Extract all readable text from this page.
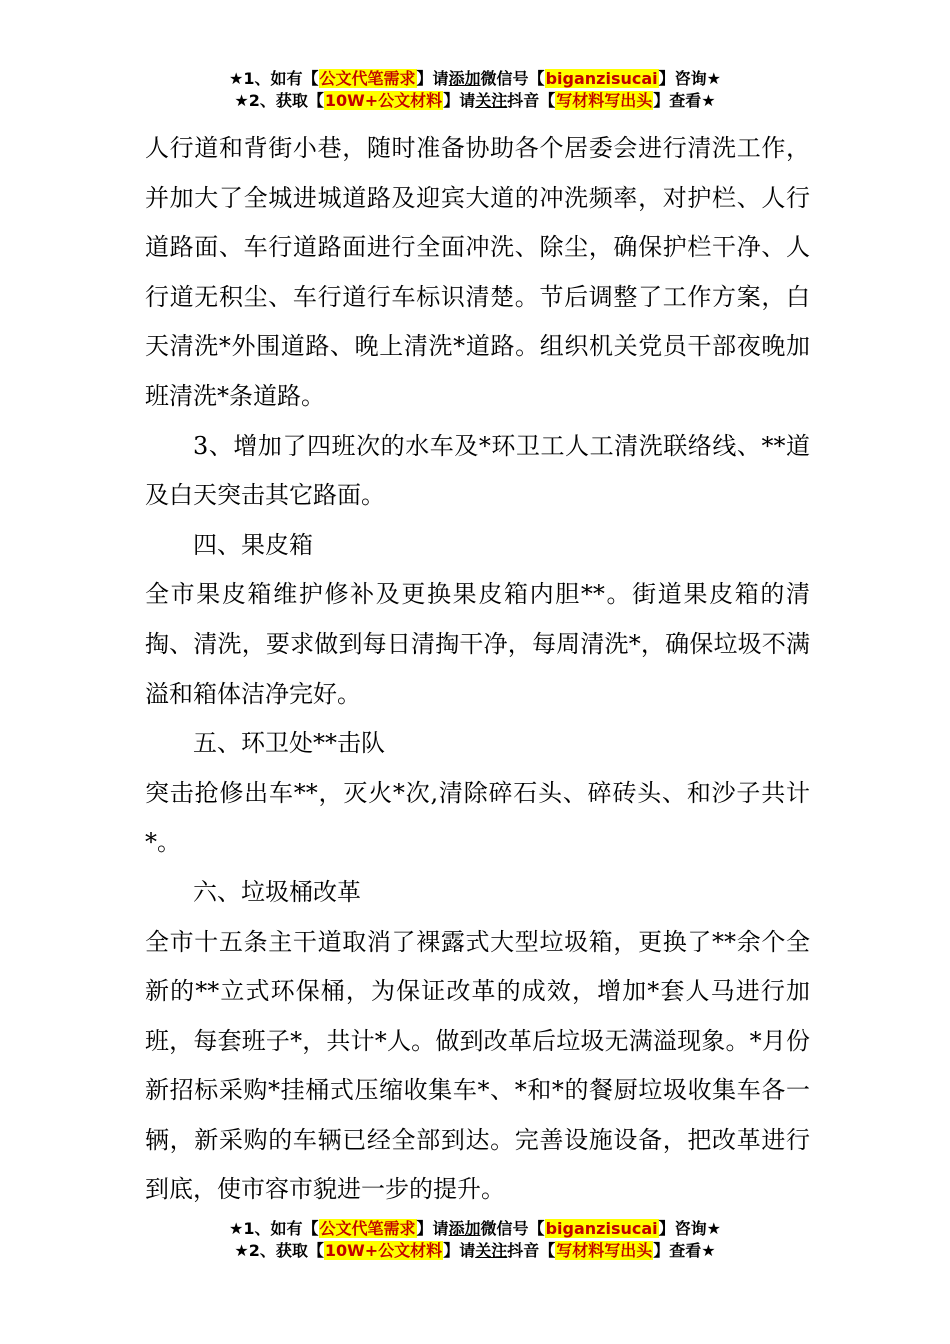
★1、如有【公文代笔需求】请添加微信号【biganzisucai】咨询★
★2、获取【10W+公文材料】请关注抖音【写材料写出头】查看★

人行道和背街小巷，随时准备协助各个居委会进行清洗工作，并加大了全城进城道路及迎宾大道的冲洗频率，对护栏、人行道路面、车行道路面进行全面冲洗、除尘，确保护栏干净、人行道无积尘、车行道行车标识清楚。节后调整了工作方案，白天清洗*外围道路、晚上清洗*道路。组织机关党员干部夜晚加班清洗*条道路。

3、增加了四班次的水车及*环卫工人工清洗联络线、**道及白天突击其它路面。

四、果皮箱

全市果皮箱维护修补及更换果皮箱内胆**。街道果皮箱的清掏、清洗，要求做到每日清掏干净，每周清洗*，确保垃圾不满溢和箱体洁净完好。

五、环卫处**击队

突击抢修出车**，灭火*次,清除碎石头、碎砖头、和沙子共计*。

六、垃圾桶改革

全市十五条主干道取消了裸露式大型垃圾箱，更换了**余个全新的**立式环保桶，为保证改革的成效，增加*套人马进行加班，每套班子*，共计*人。做到改革后垃圾无满溢现象。*月份新招标采购*挂桶式压缩收集车*、*和*的餐厨垃圾收集车各一辆，新采购的车辆已经全部到达。完善设施设备，把改革进行到底，使市容市貌进一步的提升。

★1、如有【公文代笔需求】请添加微信号【biganzisucai】咨询★
★2、获取【10W+公文材料】请关注抖音【写材料写出头】查看★
